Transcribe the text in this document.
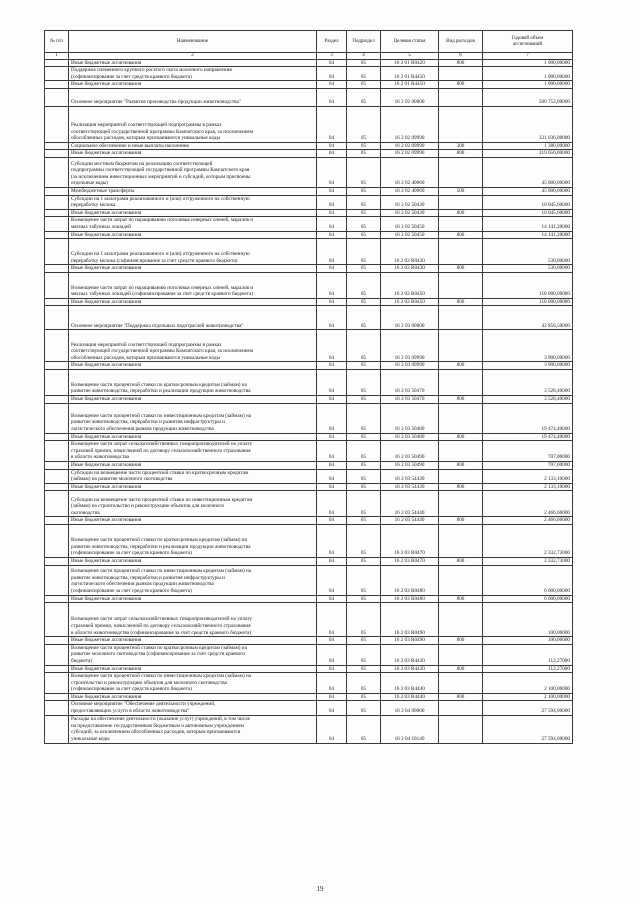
№ п/п	Наименование	Раздел	Подраздел	Целевая статья	Вид расходов	Годовой объем
ассигнований

1	2	3	4	5	6	7

	Иные бюджетные ассигнования	04	05	16 2 01 R0420	800	1 000,00000

	Поддержка племенного крупного рогатого скота молочного направления
(софинансирование за счет средств краевого бюджета)	04	05	16 2 01 R4450		1 000,00000

	Иные бюджетные ассигнования	04	05	16 2 01 R4450	800	1 000,00000

	Основное мероприятие "Развитие производства продукции животноводства"	04	05	16 2 02 00000		500 752,00000

	Реализация мероприятий соответствующей подпрограммы в рамках
соответствующей государственной программы Камчатского края, за исключением
обособленных расходов, которым присваиваются уникальные коды	04	05	16 2 02 09990		321 036,00000

	Социальное обеспечение и иные выплаты населению	04	05	16 2 02 09990	300	1 380,00000

	Иные бюджетные ассигнования	04	05	16 2 02 09990	800	319 656,00000

	Субсидии местным бюджетам на реализацию соответствующей
подпрограммы соответствующей государственной программы Камчатского края
(за исключением инвестиционных мероприятий и субсидий, которым присвоены
отдельные коды)	04	05	16 2 02 40060		45 000,00000

	Межбюджетные трансферты	04	05	16 2 02 40060	500	45 000,00000

	Субсидии на 1 килограмм реализованного и (или) отгруженного на собственную
переработку молока	04	05	16 2 02 50430		10 045,60000

	Иные бюджетные ассигнования	04	05	16 2 02 50430	800	10 045,60000

	Возмещение части затрат по наращиванию поголовья северных оленей, маралов и
мясных табунных лошадей	04	05	16 2 02 50450		14 141,20000

	Иные бюджетные ассигнования	04	05	16 2 02 50450	800	14 141,20000

	Субсидии на 1 килограмм реализованного и (или) отгруженного на собственную
переработку молока (софинансирование за счет средств краевого бюджета)	04	05	16 2 02 R0430		530,00000

	Иные бюджетные ассигнования	04	05	16 2 02 R0430	800	530,00000

	Возмещение части затрат по наращиванию поголовья северных оленей, маралов и
мясных табунных лошадей (софинансирование за счет средств краевого бюджета)	04	05	16 2 02 R0450		110 000,00000

	Иные бюджетные ассигнования	04	05	16 2 02 R0450	800	110 000,00000

	Основное мероприятие "Поддержка отдельных подотраслей животноводства"	04	05	16 2 03 00000		42 856,50000

	Реализация мероприятий соответствующей подпрограммы в рамках
соответствующей государственной программы Камчатского края, за исключением
обособленных расходов, которым присваиваются уникальные коды	04	05	16 2 03 09990		3 900,00000

	Иные бюджетные ассигнования	04	05	16 2 03 09990	800	3 900,00000

	Возмещение части процентной ставки по краткосрочным кредитам (займам) на
развитие животноводства, переработки и реализации продукции животноводства	04	05	16 2 03 50470		3 528,40000

	Иные бюджетные ассигнования	04	05	16 2 03 50470	800	3 528,40000

	Возмещение части процентной ставки по инвестиционным кредитам (займам) на
развитие животноводства, переработки и развития инфраструктуры и
логистического обеспечения рынков продукции животноводства	04	05	16 2 03 50480		19 474,40000

	Иные бюджетные ассигнования	04	05	16 2 03 50480	800	19 474,40000

	Возмещение части затрат сельскохозяйственных товаропроизводителей на уплату
страховой премии, начисленной по договору сельскохозяйственного страхования
в области животноводства	04	05	16 2 03 50490		707,00000

	Иные бюджетные ассигнования	04	05	16 2 03 50490	800	707,00000

	Субсидии на возмещение части процентной ставки по краткосрочным кредитам
(займам) на развитие молочного скотоводства	04	05	16 2 03 54430		2 133,10000

	Иные бюджетные ассигнования	04	05	16 2 03 54430	800	2 133,10000

	Субсидии на возмещение части процентной ставки по инвестиционным кредитам
(займам) на строительство и реконструкцию объектов для молочного
скотоводства	04	05	16 2 03 54440		2 466,60000

	Иные бюджетные ассигнования	04	05	16 2 03 54440	800	2 466,60000

	Возмещение части процентной ставки по краткосрочным кредитам (займам) на
развитие животноводства, переработки и реализации продукции животноводства
(софинансирование за счет средств краевого бюджета)	04	05	16 2 03 R0470		2 332,73000

	Иные бюджетные ассигнования	04	05	16 2 03 R0470	800	2 332,73000

	Возмещение части процентной ставки по инвестиционным кредитам (займам) на
развитие животноводства, переработки и развития инфраструктуры и
логистического обеспечения рынков продукции животноводства
(софинансирование за счет средств краевого бюджета)	04	05	16 2 03 R0480		6 000,00000

	Иные бюджетные ассигнования	04	05	16 2 03 R0480	800	6 000,00000

	Возмещение части затрат сельскохозяйственных товаропроизводителей на уплату
страховой премии, начисленной по договору сельскохозяйственного страхования
в области животноводства (софинансирование за счет средств краевого бюджета)	04	05	16 2 03 R0490		100,00000

	Иные бюджетные ассигнования	04	05	16 2 03 R0490	800	100,00000

	Возмещение части процентной ставки по краткосрочным кредитам (займам) на
развитие молочного скотоводства (софинансирование за счет средств краевого
бюджета)	04	05	16 2 03 R4430		112,27000

	Иные бюджетные ассигнования	04	05	16 2 03 R4430	800	112,27000

	Возмещение части процентной ставки по инвестиционным кредитам (займам) на
строительство и реконструкцию объектов для молочного скотоводства
(софинансирование за счет средств краевого бюджета)	04	05	16 2 03 R4440		2 100,00000

	Иные бюджетные ассигнования	04	05	16 2 03 R4440	800	2 100,00000

	Основное мероприятие "Обеспечение деятельности учреждений,
предоставляющих услуги в области животноводства"	04	05	16 2 04 00000		27 594,00000

	Расходы на обеспечение деятельности (оказание услуг) учреждений, в том числе
на предоставление государственным бюджетным и автономным учреждениям
субсидий, за исключением обособленных расходов, которым присваиваются
уникальные коды	04	05	16 2 04 10140		27 594,00000
19
